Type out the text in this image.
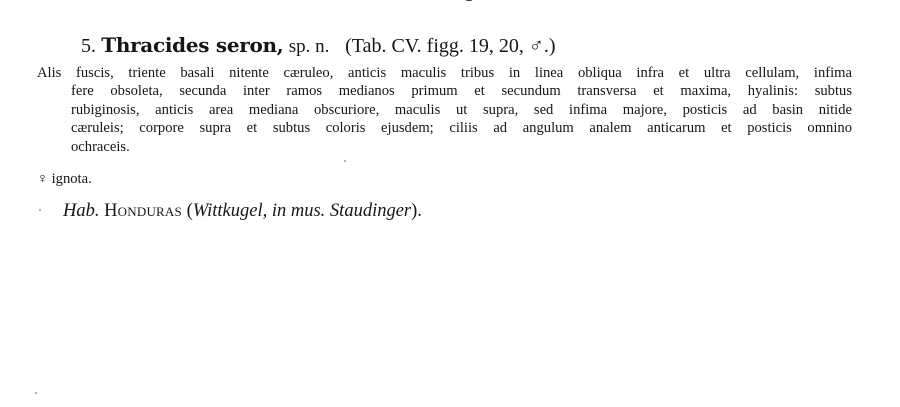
5. Thracides seron, sp. n. (Tab. CV. figg. 19, 20, ♂.)
Alis fuscis, triente basali nitente cæruleo, anticis maculis tribus in linea obliqua infra et ultra cellulam, infima
fere obsoleta, secunda inter ramos medianos primum et secundum transversa et maxima, hyalinis: subtus
rubiginosis, anticis area mediana obscuriore, maculis ut supra, sed infima majore, posticis ad basin nitide
cæruleis; corpore supra et subtus coloris ejusdem; ciliis ad angulum analem anticarum et posticis omnino
ochraceis.
♀ ignota.
Hab. Honduras (Wittkugel, in mus. Staudinger).
